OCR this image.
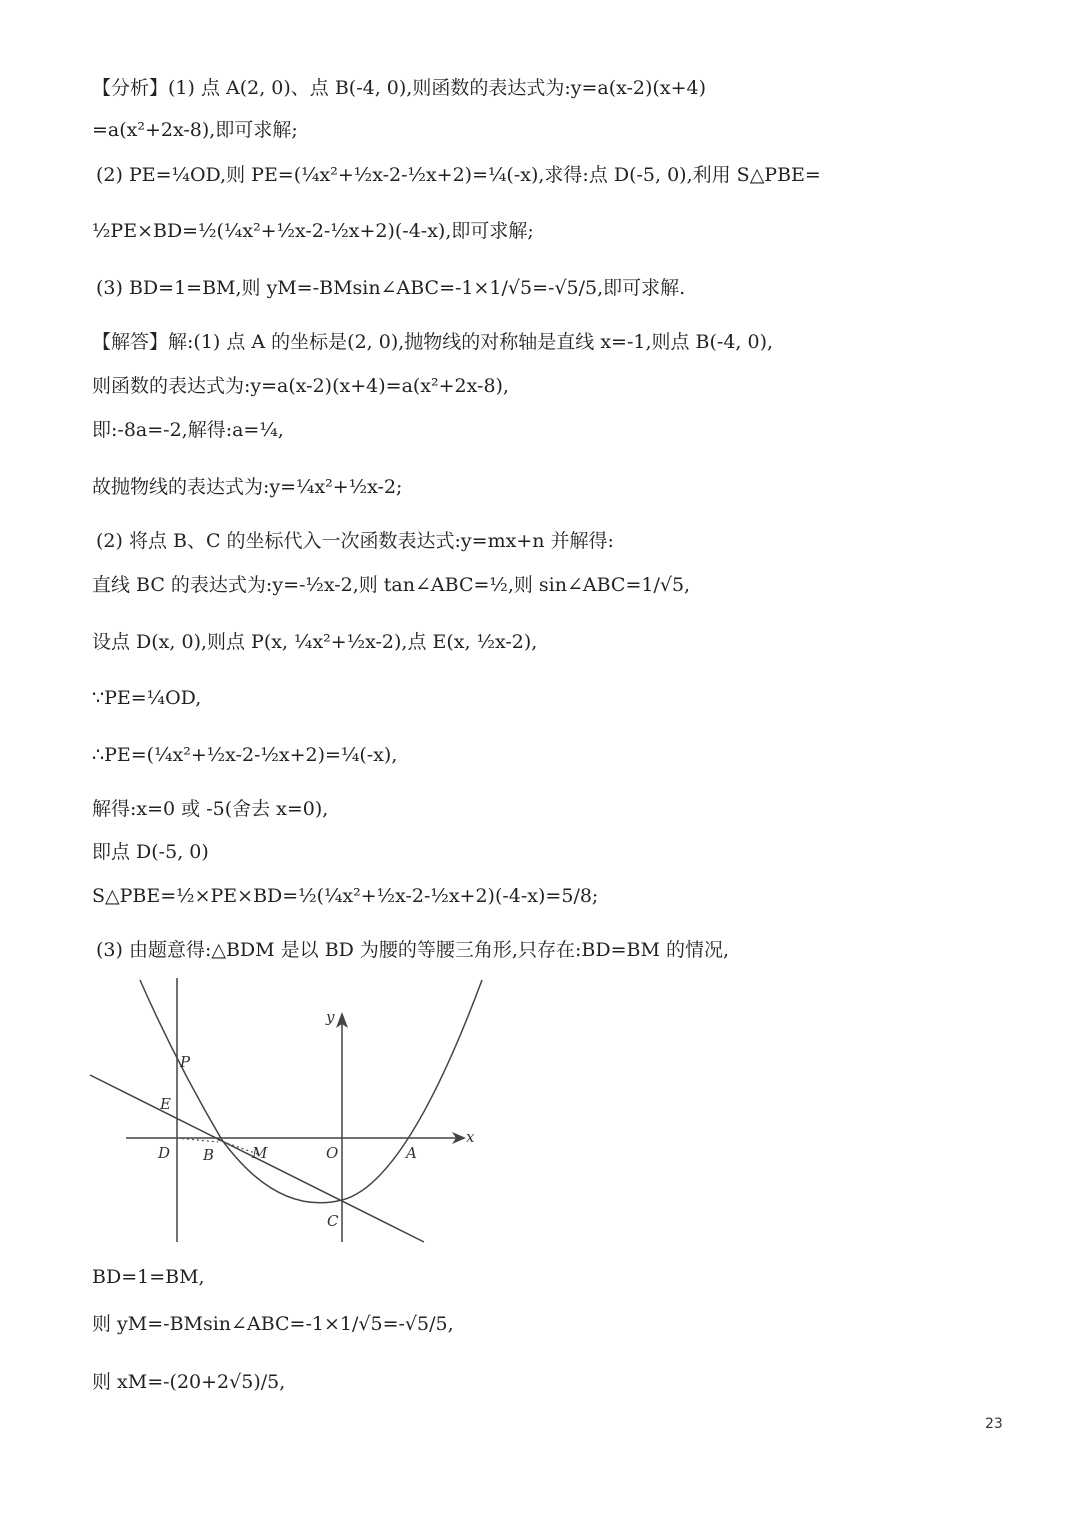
【分析】(1) 点 A(2, 0)、点 B(-4, 0),则函数的表达式为:y=a(x-2)(x+4)
=a(x²+2x-8),即可求解;
(2) PE=¼OD,则 PE=(¼x²+½x-2-½x+2)=¼(-x),求得:点 D(-5, 0),利用 S△PBE=
½PE×BD=½(¼x²+½x-2-½x+2)(-4-x),即可求解;
(3) BD=1=BM,则 yM=-BMsin∠ABC=-1×1/√5=-√5/5,即可求解.
【解答】解:(1) 点 A 的坐标是(2, 0),抛物线的对称轴是直线 x=-1,则点 B(-4, 0),
则函数的表达式为:y=a(x-2)(x+4)=a(x²+2x-8),
即:-8a=-2,解得:a=¼,
故抛物线的表达式为:y=¼x²+½x-2;
(2) 将点 B、C 的坐标代入一次函数表达式:y=mx+n 并解得:
直线 BC 的表达式为:y=-½x-2,则 tan∠ABC=½,则 sin∠ABC=1/√5,
设点 D(x, 0),则点 P(x, ¼x²+½x-2),点 E(x, ½x-2),
∵PE=¼OD,
∴PE=(¼x²+½x-2-½x+2)=¼(-x),
解得:x=0 或 -5(舍去 x=0),
即点 D(-5, 0)
S△PBE=½×PE×BD=½(¼x²+½x-2-½x+2)(-4-x)=5/8;
(3) 由题意得:△BDM 是以 BD 为腰的等腰三角形,只存在:BD=BM 的情况,
y
x
P
E
D B	M	O	A
C
BD=1=BM,
则 yM=-BMsin∠ABC=-1×1/√5=-√5/5,
则 xM=-(20+2√5)/5,
23
